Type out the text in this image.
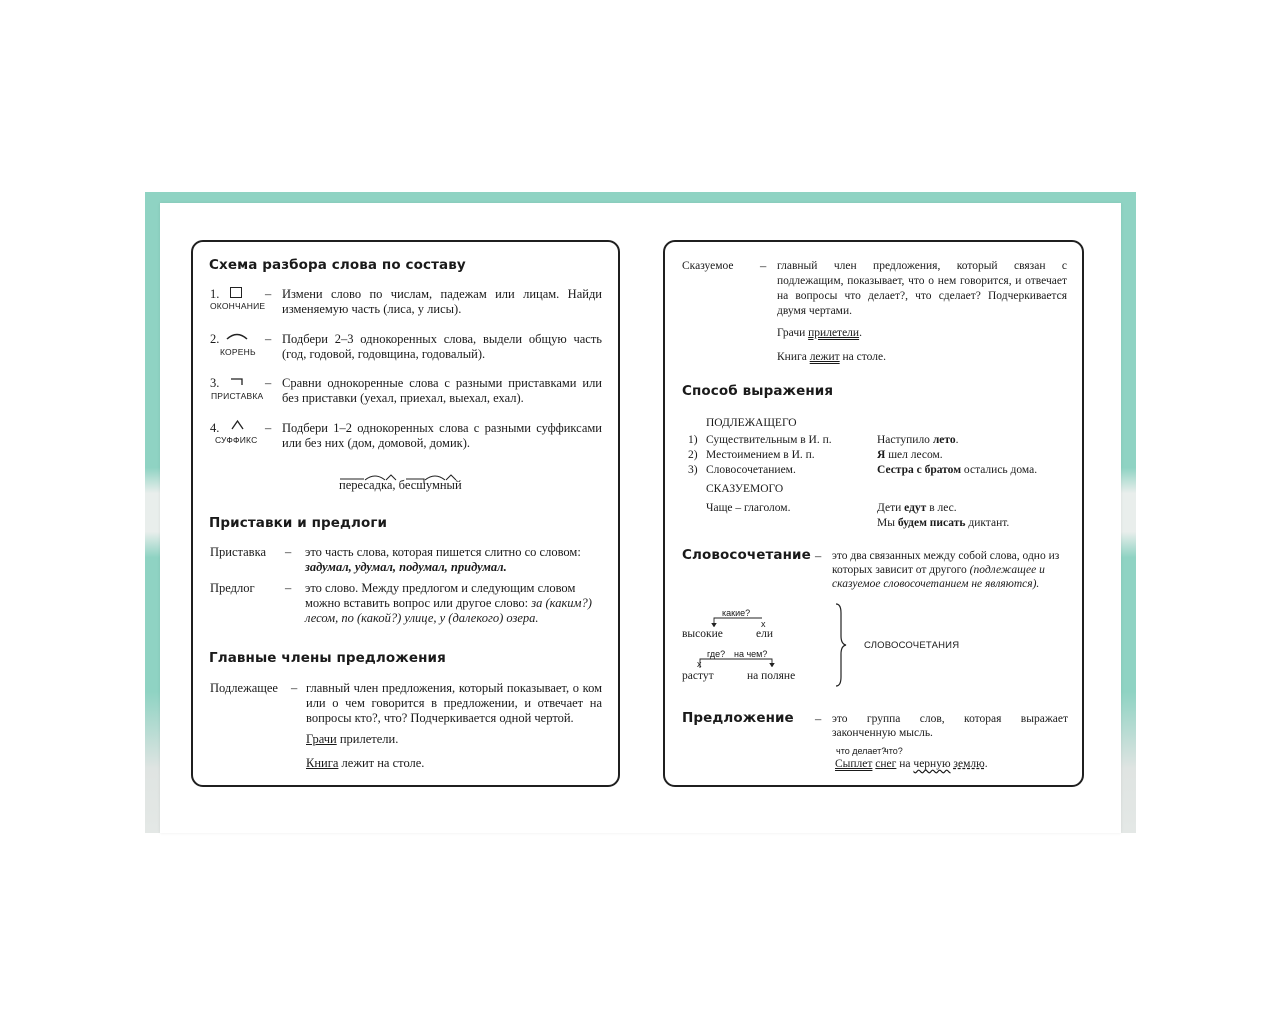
Схема разбора слова по составу
1.
ОКОНЧАНИЕ
– Измени слово по числам, падежам или лицам. Найди изменяемую часть (лиса, у лисы).
2.
КОРЕНЬ
– Подбери 2–3 однокоренных слова, выдели общую часть (год, годовой, годовщина, годовалый).
3.
ПРИСТАВКА
– Сравни однокоренные слова с разными приставками или без приставки (уехал, приехал, выехал, ехал).
4.
СУФФИКС
– Подбери 1–2 однокоренных слова с разными суффиксами или без них (дом, домовой, домик).
пересадка, бесшумный
Приставки и предлоги
Приставка – это часть слова, которая пишется слитно со словом: задумал, удумал, подумал, придумал.
Предлог – это слово. Между предлогом и следующим словом можно вставить вопрос или другое слово: за (каким?) лесом, по (какой?) улице, у (далекого) озера.
Главные члены предложения
Подлежащее – главный член предложения, который показывает, о ком или о чем говорится в предложении, и отвечает на вопросы кто?, что? Подчеркивается одной чертой.
Грачи прилетели.
Книга лежит на столе.
Сказуемое – главный член предложения, который связан с подлежащим, показывает, что о нем говорится, и отвечает на вопросы что делает?, что сделает? Подчеркивается двумя чертами.
Грачи прилетели.
Книга лежит на столе.
Способ выражения
ПОДЛЕЖАЩЕГО
1) Существительным в И. п.	Наступило лето.
2) Местоимением в И. п.	Я шел лесом.
3) Словосочетанием.	Сестра с братом остались дома.
СКАЗУЕМОГО
Чаще – глаголом.	Дети едут в лес.
Мы будем писать диктант.
Словосочетание – это два связанных между собой слова, одно из которых зависит от другого (подлежащее и сказуемое словосочетанием не являются).
какие?
x
высокие	ели
где? на чем?
x
растут	на поляне
СЛОВОСОЧЕТАНИЯ
Предложение – это группа слов, которая выражает законченную мысль.
что делает?
что?
Сыплет снег на черную землю.
